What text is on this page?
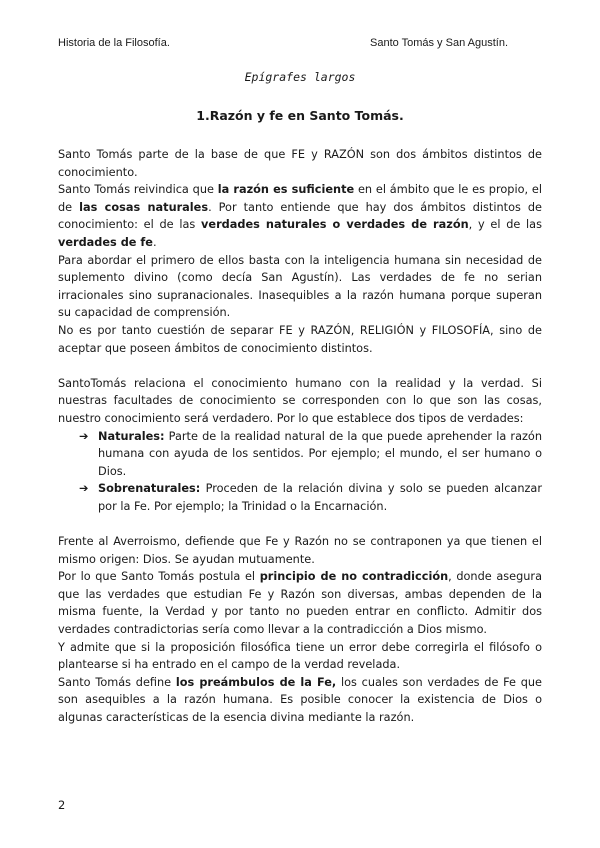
Historia de la Filosofía.	Santo Tomás y San Agustín.
Epígrafes largos
1.Razón y fe en Santo Tomás.

Santo Tomás parte de la base de que FE y RAZÓN son dos ámbitos distintos de conocimiento.

Santo Tomás reivindica que la razón es suficiente en el ámbito que le es propio, el de las cosas naturales. Por tanto entiende que hay dos ámbitos distintos de conocimiento: el de las verdades naturales o verdades de razón, y el de las verdades de fe.

Para abordar el primero de ellos basta con la inteligencia humana sin necesidad de suplemento divino (como decía San Agustín). Las verdades de fe no serian irracionales sino supranacionales. Inasequibles a la razón humana porque superan su capacidad de comprensión.

No es por tanto cuestión de separar FE y RAZÓN, RELIGIÓN y FILOSOFÍA, sino de aceptar que poseen ámbitos de conocimiento distintos.

SantoTomás relaciona el conocimiento humano con la realidad y la verdad. Si nuestras facultades de conocimiento se corresponden con lo que son las cosas, nuestro conocimiento será verdadero. Por lo que establece dos tipos de verdades:

➔ Naturales: Parte de la realidad natural de la que puede aprehender la razón humana con ayuda de los sentidos. Por ejemplo; el mundo, el ser humano o Dios.
➔ Sobrenaturales: Proceden de la relación divina y solo se pueden alcanzar por la Fe. Por ejemplo; la Trinidad o la Encarnación.

Frente al Averroismo, defiende que Fe y Razón no se contraponen ya que tienen el mismo origen: Dios. Se ayudan mutuamente.

Por lo que Santo Tomás postula el principio de no contradicción, donde asegura que las verdades que estudian Fe y Razón son diversas, ambas dependen de la misma fuente, la Verdad y por tanto no pueden entrar en conflicto. Admitir dos verdades contradictorias sería como llevar a la contradicción a Dios mismo.

Y admite que si la proposición filosófica tiene un error debe corregirla el filósofo o plantearse si ha entrado en el campo de la verdad revelada.

Santo Tomás define los preámbulos de la Fe, los cuales son verdades de Fe que son asequibles a la razón humana. Es posible conocer la existencia de Dios o algunas características de la esencia divina mediante la razón.

2
